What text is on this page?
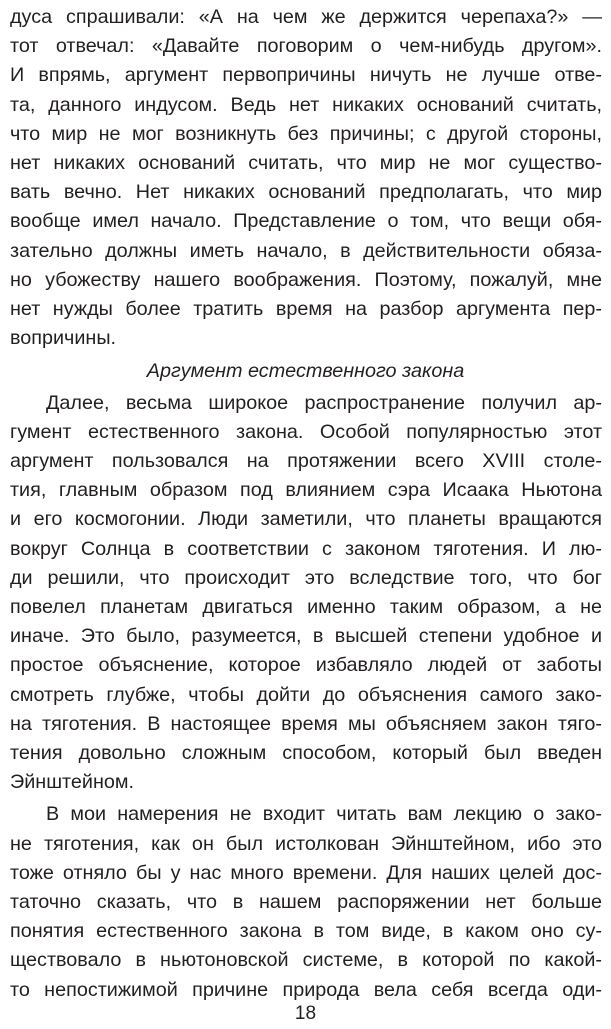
дуса спрашивали: «А на чем же держится черепаха?» —
тот отвечал: «Давайте поговорим о чем-нибудь другом».
И впрямь, аргумент первопричины ничуть не лучше отве-
та, данного индусом. Ведь нет никаких оснований считать,
что мир не мог возникнуть без причины; с другой стороны,
нет никаких оснований считать, что мир не мог существо-
вать вечно. Нет никаких оснований предполагать, что мир
вообще имел начало. Представление о том, что вещи обя-
зательно должны иметь начало, в действительности обяза-
но убожеству нашего воображения. Поэтому, пожалуй, мне
нет нужды более тратить время на разбор аргумента пер-
вопричины.
Аргумент естественного закона
Далее, весьма широкое распространение получил ар-
гумент естественного закона. Особой популярностью этот
аргумент пользовался на протяжении всего XVIII столе-
тия, главным образом под влиянием сэра Исаака Ньютона
и его космогонии. Люди заметили, что планеты вращаются
вокруг Солнца в соответствии с законом тяготения. И лю-
ди решили, что происходит это вследствие того, что бог
повелел планетам двигаться именно таким образом, а не
иначе. Это было, разумеется, в высшей степени удобное и
простое объяснение, которое избавляло людей от заботы
смотреть глубже, чтобы дойти до объяснения самого зако-
на тяготения. В настоящее время мы объясняем закон тяго-
тения довольно сложным способом, который был введен
Эйнштейном.
В мои намерения не входит читать вам лекцию о зако-
не тяготения, как он был истолкован Эйнштейном, ибо это
тоже отняло бы у нас много времени. Для наших целей дос-
таточно сказать, что в нашем распоряжении нет больше
понятия естественного закона в том виде, в каком оно су-
ществовало в ньютоновской системе, в которой по какой-
то непостижимой причине природа вела себя всегда оди-
18
